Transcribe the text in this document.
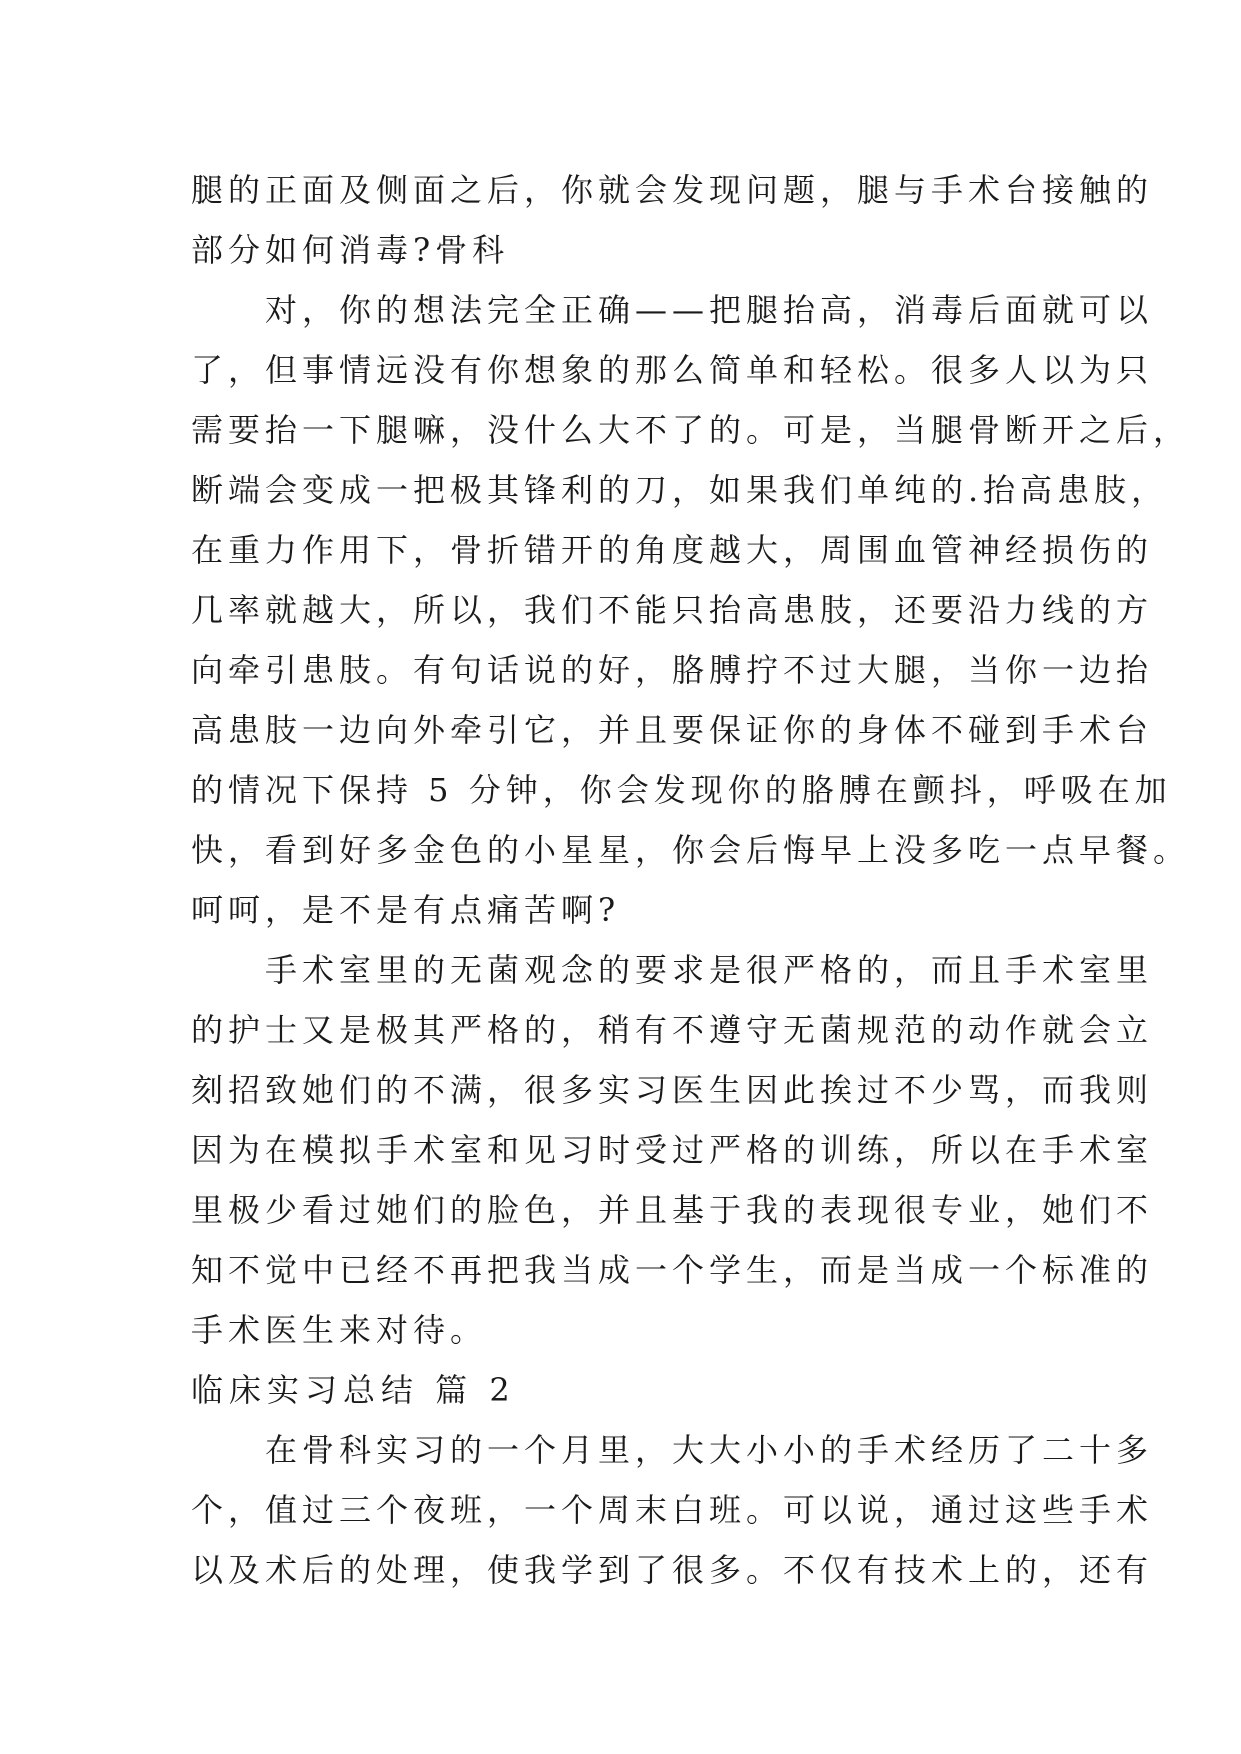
腿的正面及侧面之后，你就会发现问题，腿与手术台接触的
部分如何消毒?骨科
　　对，你的想法完全正确——把腿抬高，消毒后面就可以
了，但事情远没有你想象的那么简单和轻松。很多人以为只
需要抬一下腿嘛，没什么大不了的。可是，当腿骨断开之后，
断端会变成一把极其锋利的刀，如果我们单纯的.抬高患肢，
在重力作用下，骨折错开的角度越大，周围血管神经损伤的
几率就越大，所以，我们不能只抬高患肢，还要沿力线的方
向牵引患肢。有句话说的好，胳膊拧不过大腿，当你一边抬
高患肢一边向外牵引它，并且要保证你的身体不碰到手术台
的情况下保持 5 分钟，你会发现你的胳膊在颤抖，呼吸在加
快，看到好多金色的小星星，你会后悔早上没多吃一点早餐。
呵呵，是不是有点痛苦啊?
　　手术室里的无菌观念的要求是很严格的，而且手术室里
的护士又是极其严格的，稍有不遵守无菌规范的动作就会立
刻招致她们的不满，很多实习医生因此挨过不少骂，而我则
因为在模拟手术室和见习时受过严格的训练，所以在手术室
里极少看过她们的脸色，并且基于我的表现很专业，她们不
知不觉中已经不再把我当成一个学生，而是当成一个标准的
手术医生来对待。
临床实习总结 篇 2
　　在骨科实习的一个月里，大大小小的手术经历了二十多
个，值过三个夜班，一个周末白班。可以说，通过这些手术
以及术后的处理，使我学到了很多。不仅有技术上的，还有
